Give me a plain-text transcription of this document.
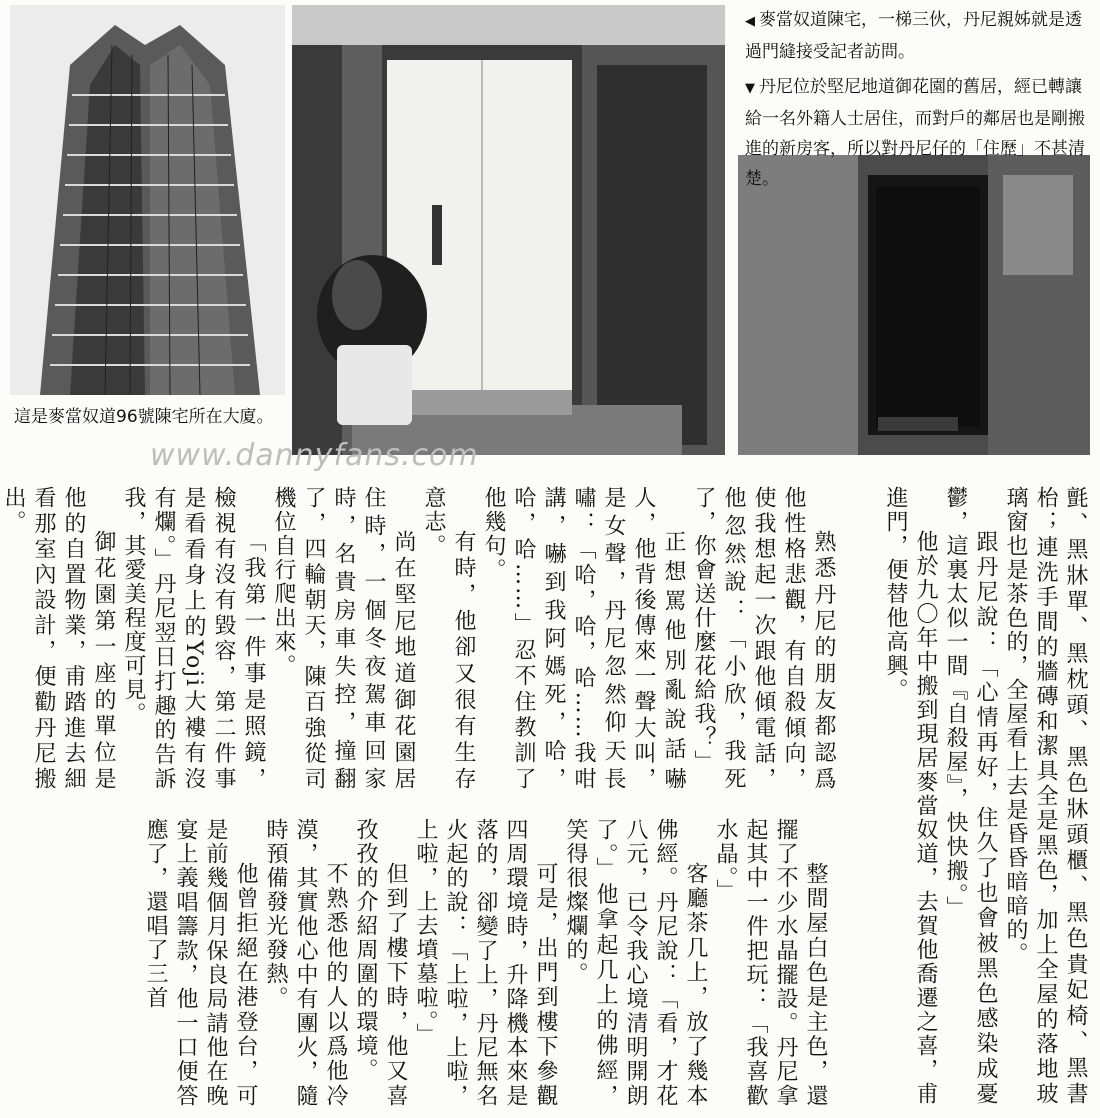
這是麥當奴道96號陳宅所在大廈。
◀ 麥當奴道陳宅，一梯三伙，丹尼親姊就是透過門縫接受記者訪問。
▼ 丹尼位於堅尼地道御花園的舊居，經已轉讓給一名外籍人士居住，而對戶的鄰居也是剛搬進的新房客，所以對丹尼仔的「住歷」不甚清楚。
www.dannyfans.com

熟悉丹尼的朋友都認爲他性格悲觀，有自殺傾向，使我想起一次跟他傾電話，他忽然說：「小欣，我死了，你會送什麼花給我？」

正想罵他別亂說話嚇人，他背後傳來一聲大叫，是女聲，丹尼忽然仰天長嘯：「哈，哈，哈……我咁講，嚇到我阿媽死，哈，哈，哈……」忍不住教訓了他幾句。

有時，他卻又很有生存意志。

尚在堅尼地道御花園居住時，一個冬夜駕車回家時，名貴房車失控，撞翻了，四輪朝天，陳百強從司機位自行爬出來。

「我第一件事是照鏡，檢視有沒有毀容，第二件事是看看身上的Yoji大褸有沒有爛。」丹尼翌日打趣的告訴我，其愛美程度可見。

御花園第一座的單位是他的自置物業，甫踏進去細看那室內設計，便勸丹尼搬出。	氈、黑牀單、黑枕頭、黑色牀頭櫃、黑色貴妃椅、黑書枱；連洗手間的牆磚和潔具全是黑色，加上全屋的落地玻璃窗也是茶色的，全屋看上去是昏昏暗暗的。

跟丹尼說：「心情再好，住久了也會被黑色感染成憂鬱，這裏太似一間『自殺屋』，快快搬。」

他於九〇年中搬到現居麥當奴道，去賀他喬遷之喜，甫進門，便替他高興。

整間屋白色是主色，還擺了不少水晶擺設。丹尼拿起其中一件把玩：「我喜歡水晶。」

客廳茶几上，放了幾本佛經。丹尼說：「看，才花八元，已令我心境清明開朗了。」他拿起几上的佛經，笑得很燦爛的。

可是，出門到樓下參觀四周環境時，升降機本來是落的，卻變了上，丹尼無名火起的說：「上啦，上啦，上啦，上去墳墓啦。」

但到了樓下時，他又喜孜孜的介紹周圍的環境。

不熟悉他的人以爲他冷漠，其實他心中有團火，隨時預備發光發熱。

他曾拒絕在港登台，可是前幾個月保良局請他在晚宴上義唱籌款，他一口便答應了，還唱了三首
